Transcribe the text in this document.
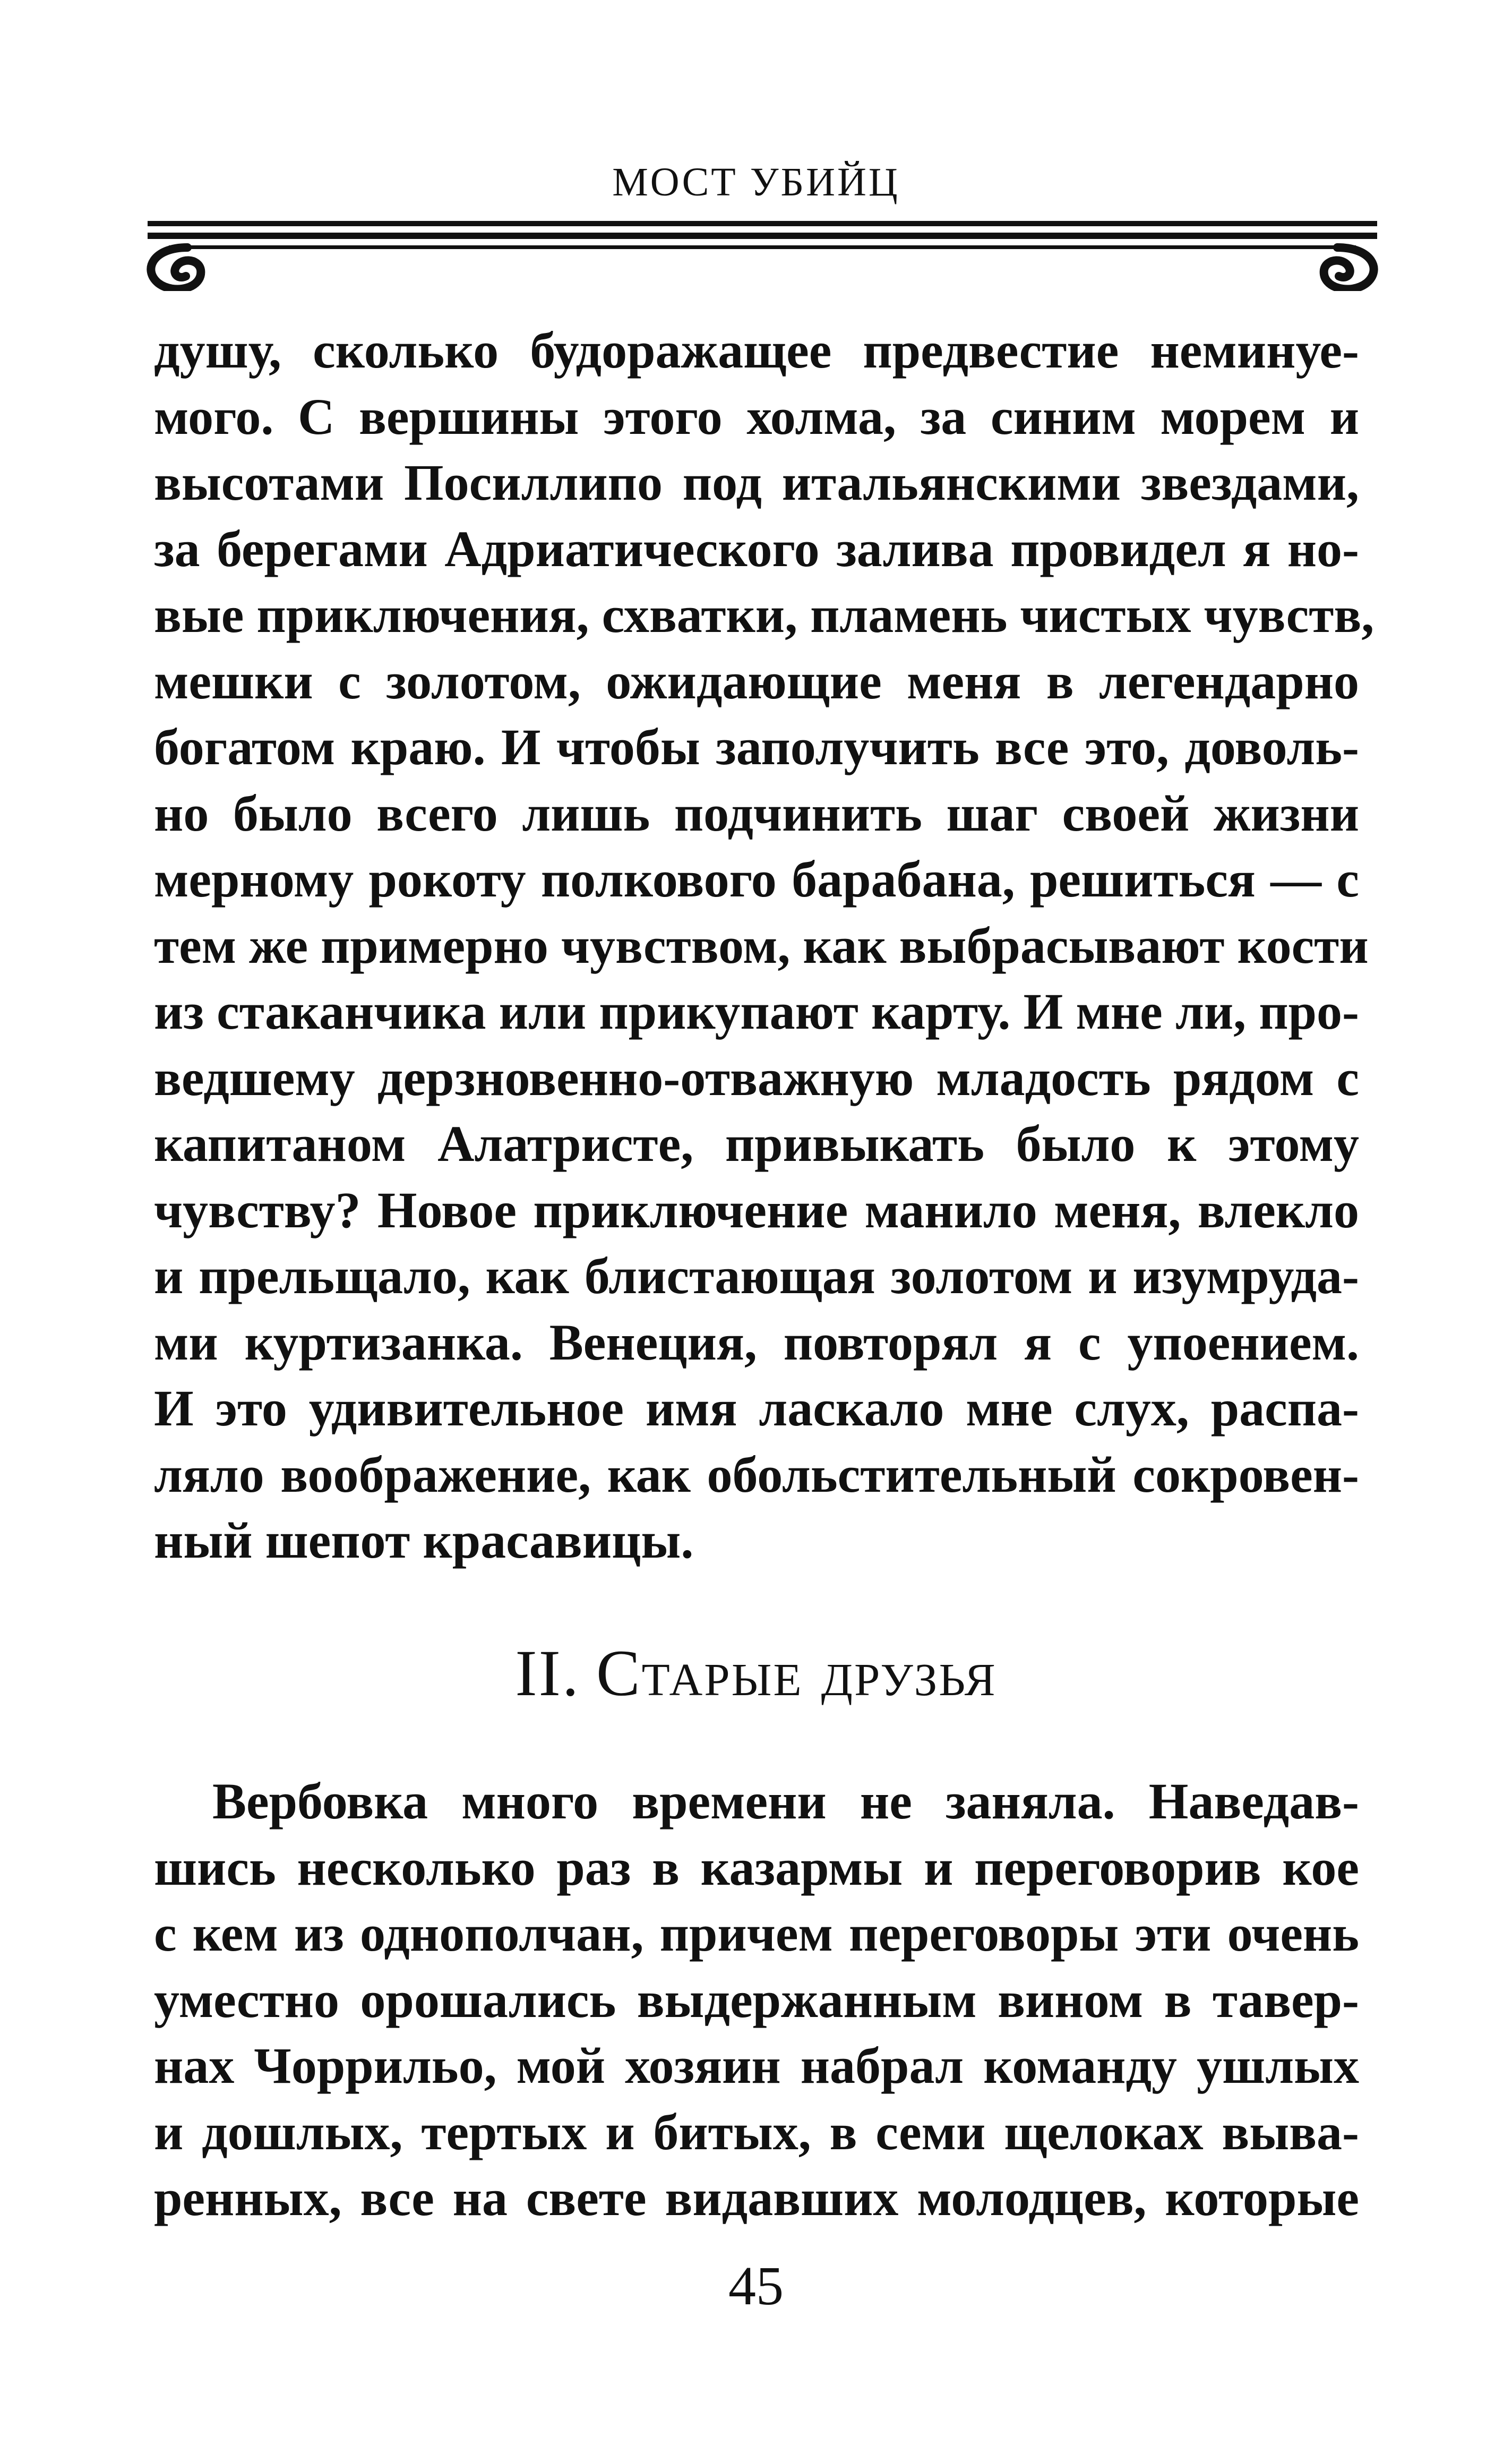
МОСТ УБИЙЦ
душу, сколько будоражащее предвестие неминуе-
мого. С вершины этого холма, за синим морем и
высотами Посиллипо под итальянскими звездами,
за берегами Адриатического залива провидел я но-
вые приключения, схватки, пламень чистых чувств,
мешки с золотом, ожидающие меня в легендарно
богатом краю. И чтобы заполучить все это, доволь-
но было всего лишь подчинить шаг своей жизни
мерному рокоту полкового барабана, решиться — с
тем же примерно чувством, как выбрасывают кости
из стаканчика или прикупают карту. И мне ли, про-
ведшему дерзновенно-отважную младость рядом с
капитаном Алатристе, привыкать было к этому
чувству? Новое приключение манило меня, влекло
и прельщало, как блистающая золотом и изумруда-
ми куртизанка. Венеция, повторял я с упоением.
И это удивительное имя ласкало мне слух, распа-
ляло воображение, как обольстительный сокровен-
ный шепот красавицы.
II. Старые друзья
Вербовка много времени не заняла. Наведав-
шись несколько раз в казармы и переговорив кое
с кем из однополчан, причем переговоры эти очень
уместно орошались выдержанным вином в тавер-
нах Чоррильо, мой хозяин набрал команду ушлых
и дошлых, тертых и битых, в семи щелоках выва-
ренных, все на свете видавших молодцев, которые
45
